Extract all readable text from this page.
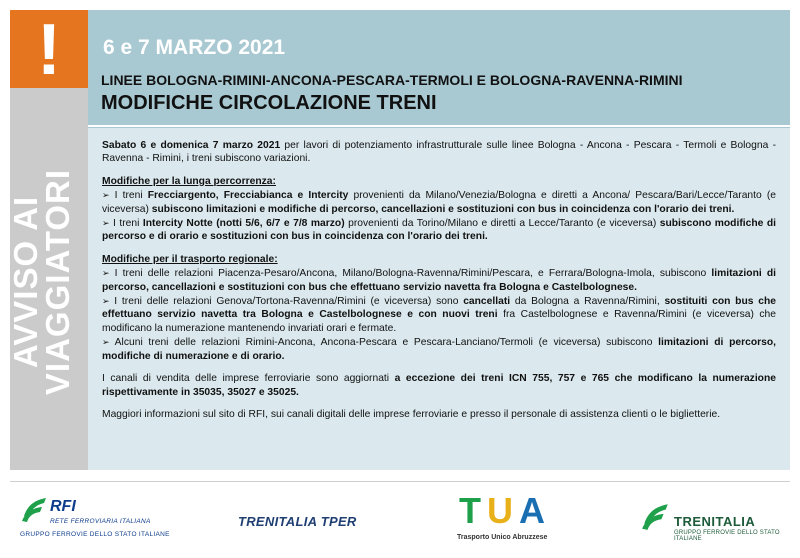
!
AVVISO AI
VIAGGIATORI
6 e 7 MARZO 2021
LINEE BOLOGNA-RIMINI-ANCONA-PESCARA-TERMOLI E BOLOGNA-RAVENNA-RIMINI
MODIFICHE CIRCOLAZIONE TRENI

Sabato 6 e domenica 7 marzo 2021 per lavori di potenziamento infrastrutturale sulle linee Bologna - Ancona - Pescara - Termoli e Bologna - Ravenna - Rimini, i treni subiscono variazioni.

Modifiche per la lunga percorrenza:
➢ I treni Frecciargento, Frecciabianca e Intercity provenienti da Milano/Venezia/Bologna e diretti a Ancona/ Pescara/Bari/Lecce/Taranto (e viceversa) subiscono limitazioni e modifiche di percorso, cancellazioni e sostituzioni con bus in coincidenza con l'orario dei treni.

➢ I treni Intercity Notte (notti 5/6, 6/7 e 7/8 marzo) provenienti da Torino/Milano e diretti a Lecce/Taranto (e viceversa) subiscono modifiche di percorso e di orario e sostituzioni con bus in coincidenza con l'orario dei treni.

Modifiche per il trasporto regionale:
➢ I treni delle relazioni Piacenza-Pesaro/Ancona, Milano/Bologna-Ravenna/Rimini/Pescara, e Ferrara/Bologna-Imola, subiscono limitazioni di percorso, cancellazioni e sostituzioni con bus che effettuano servizio navetta fra Bologna e Castelbolognese.
➢ I treni delle relazioni Genova/Tortona-Ravenna/Rimini (e viceversa) sono cancellati da Bologna a Ravenna/Rimini, sostituiti con bus che effettuano servizio navetta tra Bologna e Castelbolognese e con nuovi treni fra Castelbolognese e Ravenna/Rimini (e viceversa) che modificano la numerazione mantenendo invariati orari e fermate.

➢ Alcuni treni delle relazioni Rimini-Ancona, Ancona-Pescara e Pescara-Lanciano/Termoli (e viceversa) subiscono limitazioni di percorso, modifiche di numerazione e di orario.

I canali di vendita delle imprese ferroviarie sono aggiornati a eccezione dei treni ICN 755, 757 e 765 che modificano la numerazione rispettivamente in 35035, 35027 e 35025.

Maggiori informazioni sul sito di RFI, sui canali digitali delle imprese ferroviarie e presso il personale di assistenza clienti o le biglietterie.

RFI
RETE FERROVIARIA ITALIANA
GRUPPO FERROVIE DELLO STATO ITALIANE
TRENITALIA TPER	TUA
Trasporto Unico Abruzzese
TRENITALIA
GRUPPO FERROVIE DELLO STATO ITALIANE
